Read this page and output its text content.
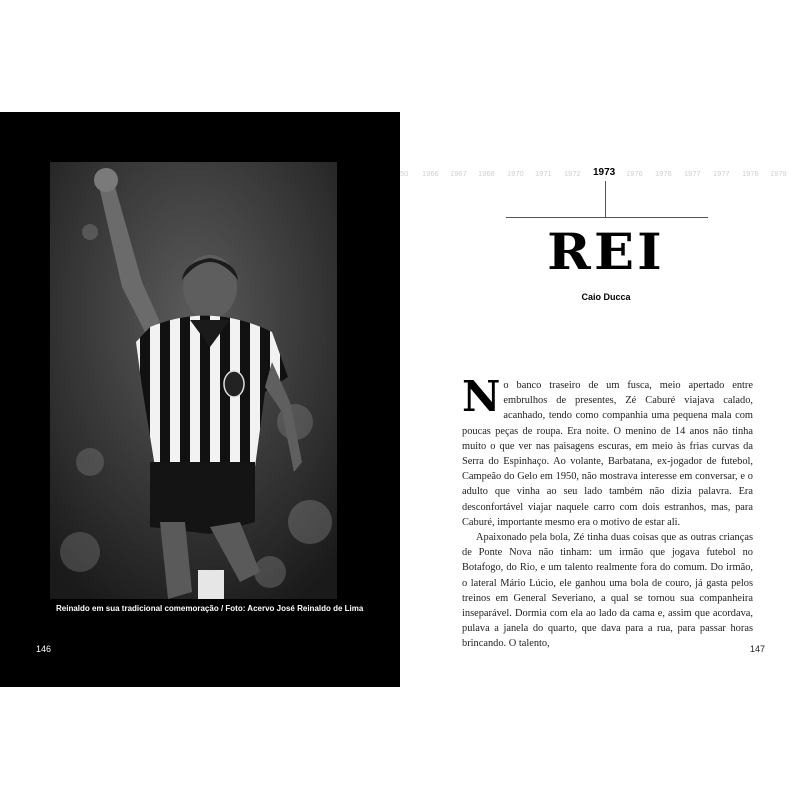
Reinaldo em sua tradicional comemoração / Foto: Acervo José Reinaldo de Lima
146
50 1966 1967 1968 1970 1971 1972 1973 1976 1976 1977 1977 1978 1979
REI
Caio Ducca

No banco traseiro de um fusca, meio apertado entre embrulhos de presentes, Zé Caburé viajava calado, acanhado, tendo como companhia uma pequena mala com poucas peças de roupa. Era noite. O menino de 14 anos não tinha muito o que ver nas paisagens escuras, em meio às frias curvas da Serra do Espinhaço. Ao volante, Barbatana, ex-jogador de futebol, Campeão do Gelo em 1950, não mostrava interesse em conversar, e o adulto que vinha ao seu lado também não dizia palavra. Era desconfortável viajar naquele carro com dois estranhos, mas, para Caburé, importante mesmo era o motivo de estar ali.

Apaixonado pela bola, Zé tinha duas coisas que as outras crianças de Ponte Nova não tinham: um irmão que jogava futebol no Botafogo, do Rio, e um talento realmente fora do comum. Do irmão, o lateral Mário Lúcio, ele ganhou uma bola de couro, já gasta pelos treinos em General Severiano, a qual se tornou sua companheira inseparável. Dormia com ela ao lado da cama e, assim que acordava, pulava a janela do quarto, que dava para a rua, para passar horas brincando. O talento,	147
